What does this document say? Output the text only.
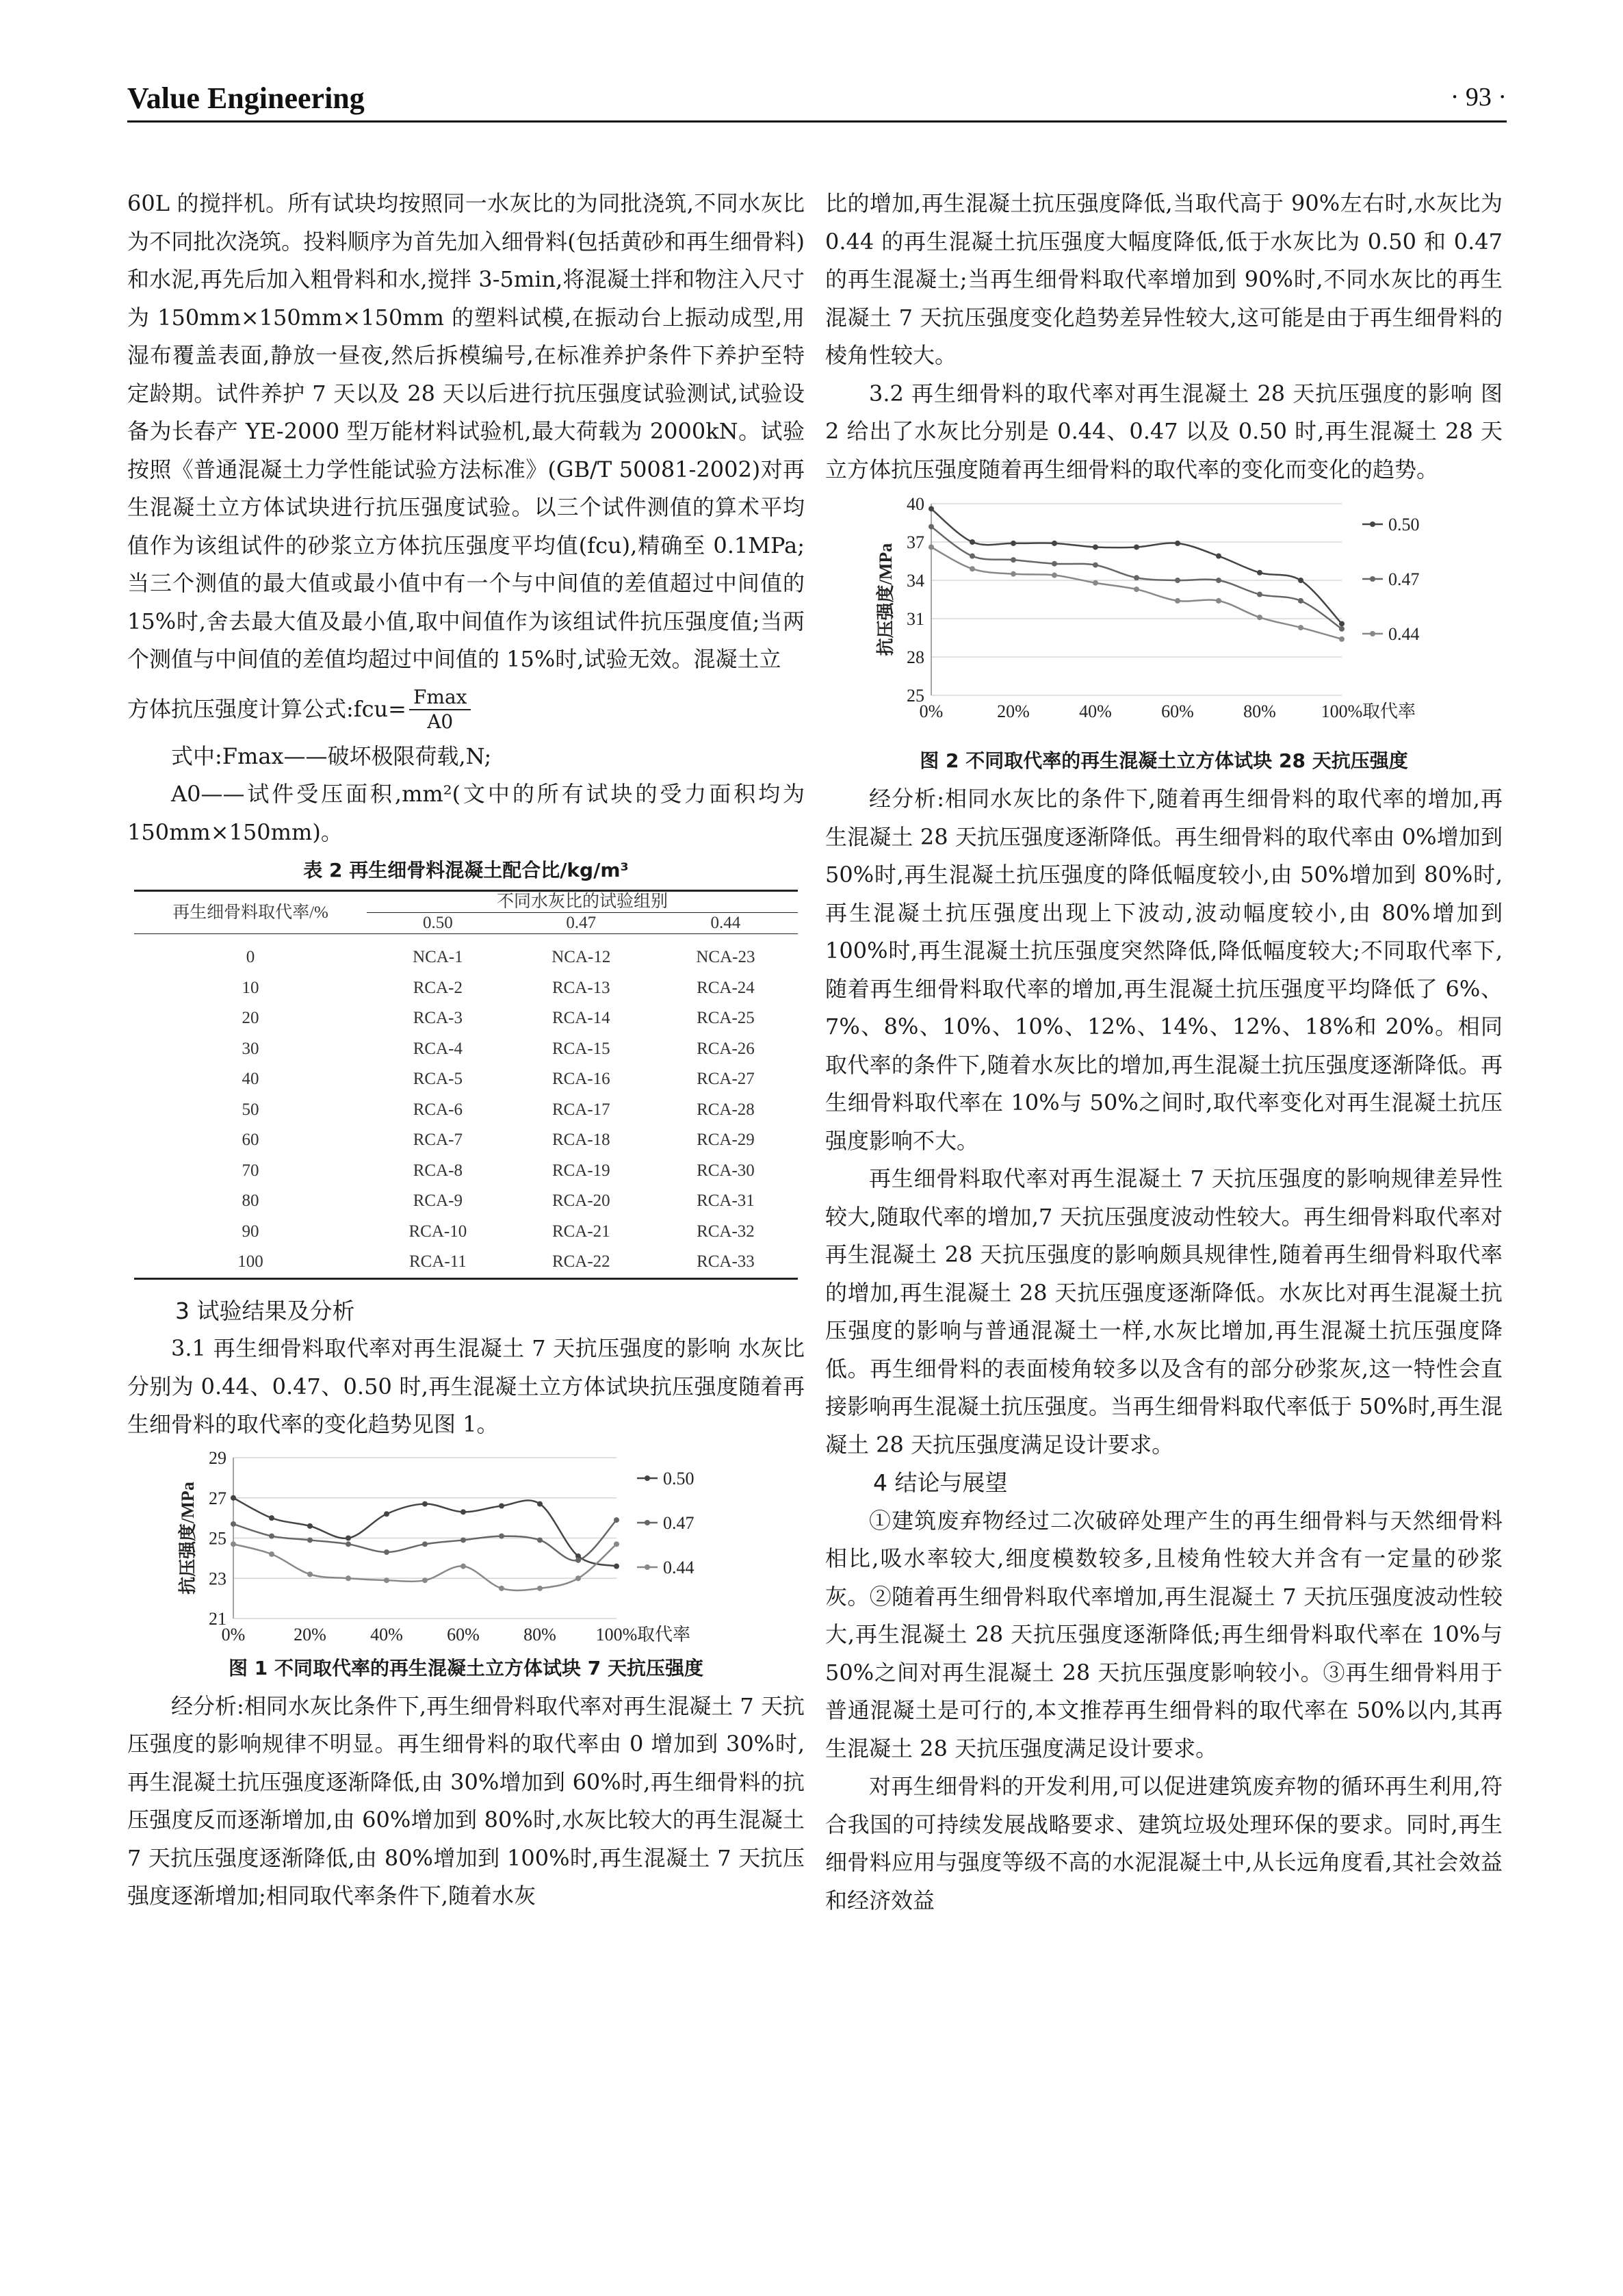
Value Engineering	· 93 ·

60L 的搅拌机。所有试块均按照同一水灰比的为同批浇筑,不同水灰比为不同批次浇筑。投料顺序为首先加入细骨料(包括黄砂和再生细骨料)和水泥,再先后加入粗骨料和水,搅拌 3-5min,将混凝土拌和物注入尺寸为 150mm×150mm×150mm 的塑料试模,在振动台上振动成型,用湿布覆盖表面,静放一昼夜,然后拆模编号,在标准养护条件下养护至特定龄期。试件养护 7 天以及 28 天以后进行抗压强度试验测试,试验设备为长春产 YE-2000 型万能材料试验机,最大荷载为 2000kN。试验按照《普通混凝土力学性能试验方法标准》(GB/T 50081-2002)对再生混凝土立方体试块进行抗压强度试验。以三个试件测值的算术平均值作为该组试件的砂浆立方体抗压强度平均值(fcu),精确至 0.1MPa;当三个测值的最大值或最小值中有一个与中间值的差值超过中间值的 15%时,舍去最大值及最小值,取中间值作为该组试件抗压强度值;当两个测值与中间值的差值均超过中间值的 15%时,试验无效。混凝土立

方体抗压强度计算公式:fcu= $\frac{Fmax}{A0}$

式中:Fmax——破坏极限荷载,N;

A0——试件受压面积,mm²(文中的所有试块的受力面积均为 150mm×150mm)。

表 2 再生细骨料混凝土配合比/kg/m³
再生细骨料取代率/%	不同水灰比的试验组别		
	0.50	0.47	0.44
0	NCA-1	NCA-12	NCA-23
10	RCA-2	RCA-13	RCA-24
20	RCA-3	RCA-14	RCA-25
30	RCA-4	RCA-15	RCA-26
40	RCA-5	RCA-16	RCA-27
50	RCA-6	RCA-17	RCA-28
60	RCA-7	RCA-18	RCA-29
70	RCA-8	RCA-19	RCA-30
80	RCA-9	RCA-20	RCA-31
90	RCA-10	RCA-21	RCA-32
100	RCA-11	RCA-22	RCA-33

3 试验结果及分析

3.1 再生细骨料取代率对再生混凝土 7 天抗压强度的影响 水灰比分别为 0.44、0.47、0.50 时,再生混凝土立方体试块抗压强度随着再生细骨料的取代率的变化趋势见图 1。

21
23
25
27
29
0%	20% 40% 60% 80% 100% 取代率
抗压强度/MPa
0.50
0.47
0.44
图 1 不同取代率的再生混凝土立方体试块 7 天抗压强度

经分析:相同水灰比条件下,再生细骨料取代率对再生混凝土 7 天抗压强度的影响规律不明显。再生细骨料的取代率由 0 增加到 30%时,再生混凝土抗压强度逐渐降低,由 30%增加到 60%时,再生细骨料的抗压强度反而逐渐增加,由 60%增加到 80%时,水灰比较大的再生混凝土 7 天抗压强度逐渐降低,由 80%增加到 100%时,再生混凝土 7 天抗压强度逐渐增加;相同取代率条件下,随着水灰

比的增加,再生混凝土抗压强度降低,当取代高于 90%左右时,水灰比为 0.44 的再生混凝土抗压强度大幅度降低,低于水灰比为 0.50 和 0.47 的再生混凝土;当再生细骨料取代率增加到 90%时,不同水灰比的再生混凝土 7 天抗压强度变化趋势差异性较大,这可能是由于再生细骨料的棱角性较大。

3.2 再生细骨料的取代率对再生混凝土 28 天抗压强度的影响 图 2 给出了水灰比分别是 0.44、0.47 以及 0.50 时,再生混凝土 28 天立方体抗压强度随着再生细骨料的取代率的变化而变化的趋势。

25
28
31
34
37
40
0%	20%	40%	60%	80%	100% 取代率
抗压强度/MPa
0.50
0.47
0.44
图 2 不同取代率的再生混凝土立方体试块 28 天抗压强度

经分析:相同水灰比的条件下,随着再生细骨料的取代率的增加,再生混凝土 28 天抗压强度逐渐降低。再生细骨料的取代率由 0%增加到 50%时,再生混凝土抗压强度的降低幅度较小,由 50%增加到 80%时,再生混凝土抗压强度出现上下波动,波动幅度较小,由 80%增加到 100%时,再生混凝土抗压强度突然降低,降低幅度较大;不同取代率下,随着再生细骨料取代率的增加,再生混凝土抗压强度平均降低了 6%、7%、8%、10%、10%、12%、14%、12%、18%和 20%。相同取代率的条件下,随着水灰比的增加,再生混凝土抗压强度逐渐降低。再生细骨料取代率在 10%与 50%之间时,取代率变化对再生混凝土抗压强度影响不大。

再生细骨料取代率对再生混凝土 7 天抗压强度的影响规律差异性较大,随取代率的增加,7 天抗压强度波动性较大。再生细骨料取代率对再生混凝土 28 天抗压强度的影响颇具规律性,随着再生细骨料取代率的增加,再生混凝土 28 天抗压强度逐渐降低。水灰比对再生混凝土抗压强度的影响与普通混凝土一样,水灰比增加,再生混凝土抗压强度降低。再生细骨料的表面棱角较多以及含有的部分砂浆灰,这一特性会直接影响再生混凝土抗压强度。当再生细骨料取代率低于 50%时,再生混凝土 28 天抗压强度满足设计要求。

4 结论与展望

①建筑废弃物经过二次破碎处理产生的再生细骨料与天然细骨料相比,吸水率较大,细度模数较多,且棱角性较大并含有一定量的砂浆灰。②随着再生细骨料取代率增加,再生混凝土 7 天抗压强度波动性较大,再生混凝土 28 天抗压强度逐渐降低;再生细骨料取代率在 10%与 50%之间对再生混凝土 28 天抗压强度影响较小。③再生细骨料用于普通混凝土是可行的,本文推荐再生细骨料的取代率在 50%以内,其再生混凝土 28 天抗压强度满足设计要求。

对再生细骨料的开发利用,可以促进建筑废弃物的循环再生利用,符合我国的可持续发展战略要求、建筑垃圾处理环保的要求。同时,再生细骨料应用与强度等级不高的水泥混凝土中,从长远角度看,其社会效益和经济效益
